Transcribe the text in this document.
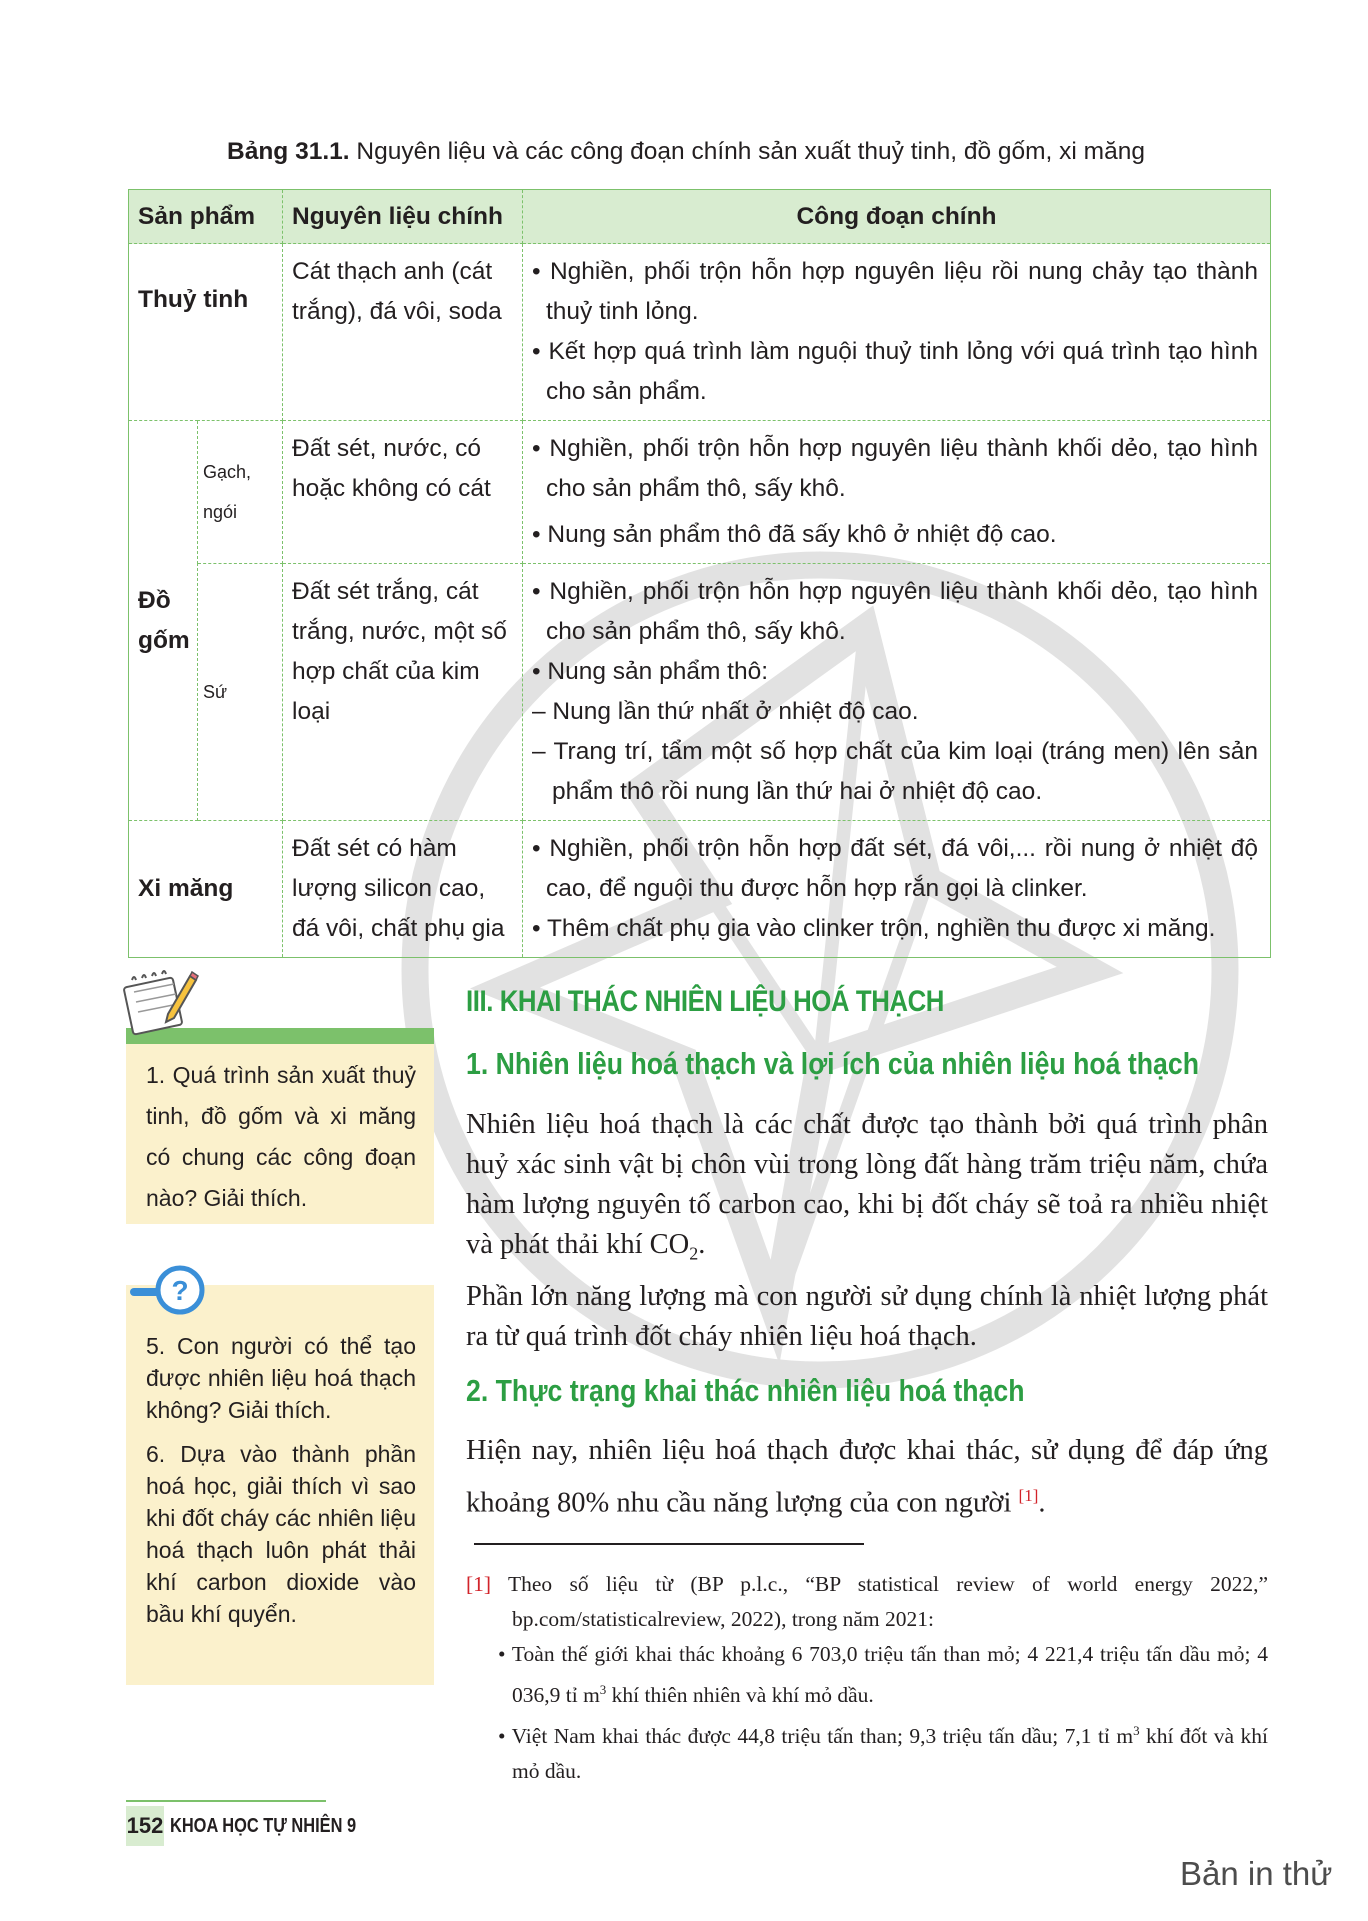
Bảng 31.1. Nguyên liệu và các công đoạn chính sản xuất thuỷ tinh, đồ gốm, xi măng
Sản phẩm		Nguyên liệu chính	Công đoạn chính
Thuỷ tinh		Cát thạch anh (cát trắng), đá vôi, soda	• Nghiền, phối trộn hỗn hợp nguyên liệu rồi nung chảy tạo thành thuỷ tinh lỏng.
• Kết hợp quá trình làm nguội thuỷ tinh lỏng với quá trình tạo hình cho sản phẩm.

Đồ gốm	Gạch, ngói	Đất sét, nước, có hoặc không có cát	• Nghiền, phối trộn hỗn hợp nguyên liệu thành khối dẻo, tạo hình cho sản phẩm thô, sấy khô.
• Nung sản phẩm thô đã sấy khô ở nhiệt độ cao.

	Sứ	Đất sét trắng, cát trắng, nước, một số hợp chất của kim loại	• Nghiền, phối trộn hỗn hợp nguyên liệu thành khối dẻo, tạo hình cho sản phẩm thô, sấy khô.
• Nung sản phẩm thô:
– Nung lần thứ nhất ở nhiệt độ cao.
– Trang trí, tẩm một số hợp chất của kim loại (tráng men) lên sản phẩm thô rồi nung lần thứ hai ở nhiệt độ cao.

Xi măng		Đất sét có hàm lượng silicon cao, đá vôi, chất phụ gia	• Nghiền, phối trộn hỗn hợp đất sét, đá vôi,... rồi nung ở nhiệt độ cao, để nguội thu được hỗn hợp rắn gọi là clinker.
• Thêm chất phụ gia vào clinker trộn, nghiền thu được xi măng.
1. Quá trình sản xuất thuỷ tinh, đồ gốm và xi măng có chung các công đoạn nào? Giải thích.
?

5. Con người có thể tạo được nhiên liệu hoá thạch không? Giải thích.

6. Dựa vào thành phần hoá học, giải thích vì sao khi đốt cháy các nhiên liệu hoá thạch luôn phát thải khí carbon dioxide vào bầu khí quyển.

III. KHAI THÁC NHIÊN LIỆU HOÁ THẠCH
1. Nhiên liệu hoá thạch và lợi ích của nhiên liệu hoá thạch
Nhiên liệu hoá thạch là các chất được tạo thành bởi quá trình phân huỷ xác sinh vật bị chôn vùi trong lòng đất hàng trăm triệu năm, chứa hàm lượng nguyên tố carbon cao, khi bị đốt cháy sẽ toả ra nhiều nhiệt và phát thải khí $CO_2$.
Phần lớn năng lượng mà con người sử dụng chính là nhiệt lượng phát ra từ quá trình đốt cháy nhiên liệu hoá thạch.
2. Thực trạng khai thác nhiên liệu hoá thạch
Hiện nay, nhiên liệu hoá thạch được khai thác, sử dụng để đáp ứng khoảng 80% nhu cầu năng lượng của con người [1].
[1] Theo số liệu từ (BP p.l.c., “BP statistical review of world energy 2022,” bp.com/statisticalreview, 2022), trong năm 2021:
• Toàn thế giới khai thác khoảng 6 703,0 triệu tấn than mỏ; 4 221,4 triệu tấn dầu mỏ; 4 036,9 tỉ $m^3$ khí thiên nhiên và khí mỏ dầu.
• Việt Nam khai thác được 44,8 triệu tấn than; 9,3 triệu tấn dầu; 7,1 tỉ $m^3$ khí đốt và khí mỏ dầu.
152 KHOA HỌC TỰ NHIÊN 9
Bản in thử
